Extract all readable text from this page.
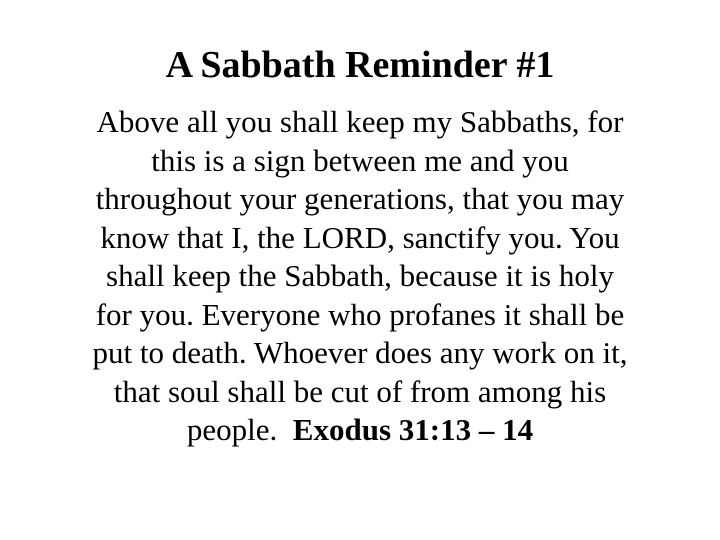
A Sabbath Reminder #1
Above all you shall keep my Sabbaths, for
this is a sign between me and you
throughout your generations, that you may
know that I, the LORD, sanctify you. You
shall keep the Sabbath, because it is holy
for you. Everyone who profanes it shall be
put to death. Whoever does any work on it,
that soul shall be cut of from among his
people.  Exodus 31:13 – 14
